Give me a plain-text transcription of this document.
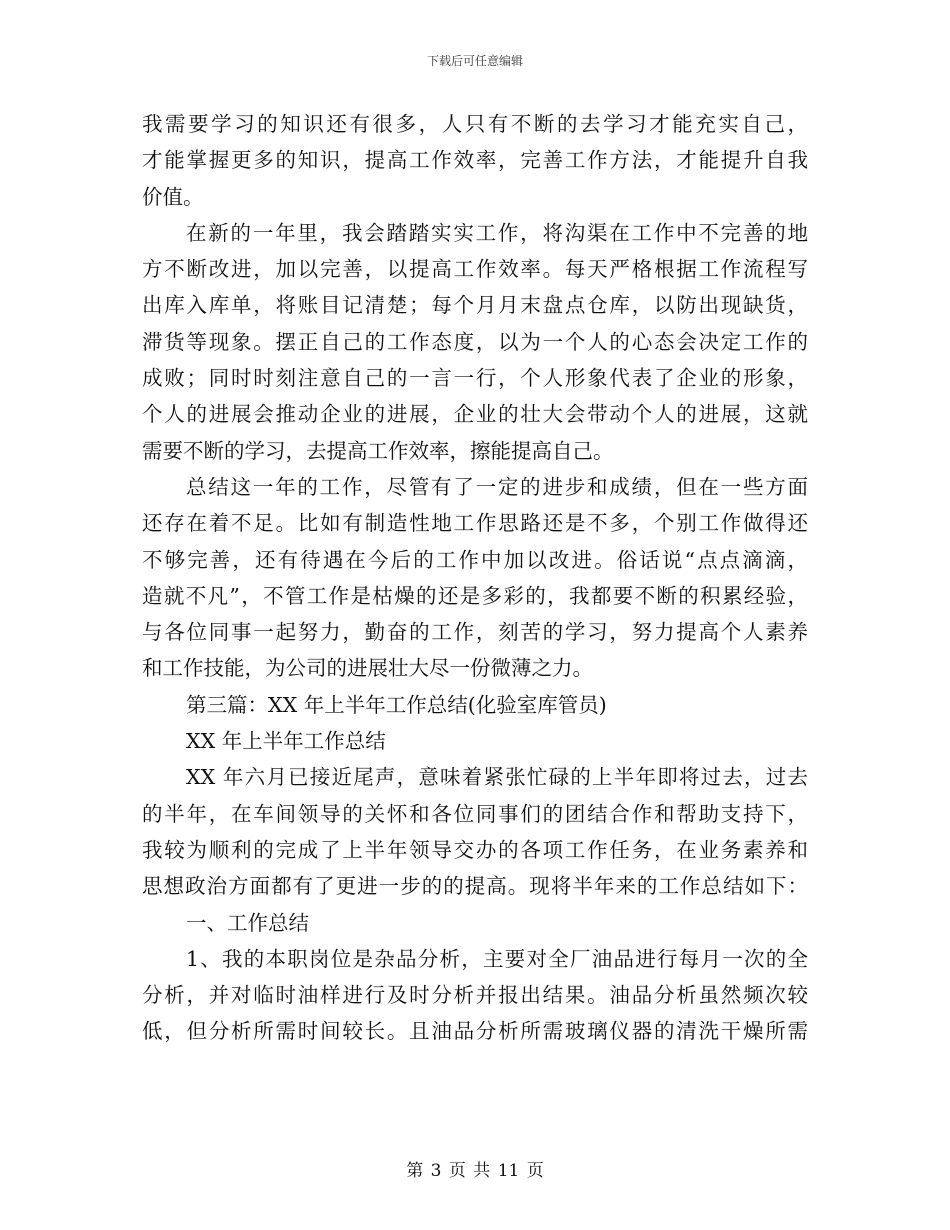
下载后可任意编辑
我需要学习的知识还有很多，人只有不断的去学习才能充实自己，
才能掌握更多的知识，提高工作效率，完善工作方法，才能提升自我
价值。
在新的一年里，我会踏踏实实工作，将沟渠在工作中不完善的地
方不断改进，加以完善，以提高工作效率。每天严格根据工作流程写
出库入库单，将账目记清楚；每个月月末盘点仓库，以防出现缺货，
滞货等现象。摆正自己的工作态度，以为一个人的心态会决定工作的
成败；同时时刻注意自己的一言一行，个人形象代表了企业的形象，
个人的进展会推动企业的进展，企业的壮大会带动个人的进展，这就
需要不断的学习，去提高工作效率，擦能提高自己。
总结这一年的工作，尽管有了一定的进步和成绩，但在一些方面
还存在着不足。比如有制造性地工作思路还是不多，个别工作做得还
不够完善，还有待遇在今后的工作中加以改进。俗话说“点点滴滴，
造就不凡”，不管工作是枯燥的还是多彩的，我都要不断的积累经验，
与各位同事一起努力，勤奋的工作，刻苦的学习，努力提高个人素养
和工作技能，为公司的进展壮大尽一份微薄之力。
第三篇：XX 年上半年工作总结(化验室库管员)
XX 年上半年工作总结
XX 年六月已接近尾声，意味着紧张忙碌的上半年即将过去，过去
的半年，在车间领导的关怀和各位同事们的团结合作和帮助支持下，
我较为顺利的完成了上半年领导交办的各项工作任务，在业务素养和
思想政治方面都有了更进一步的的提高。现将半年来的工作总结如下：
一、工作总结
1、我的本职岗位是杂品分析，主要对全厂油品进行每月一次的全
分析，并对临时油样进行及时分析并报出结果。油品分析虽然频次较
低，但分析所需时间较长。且油品分析所需玻璃仪器的清洗干燥所需
第 3 页 共 11 页
